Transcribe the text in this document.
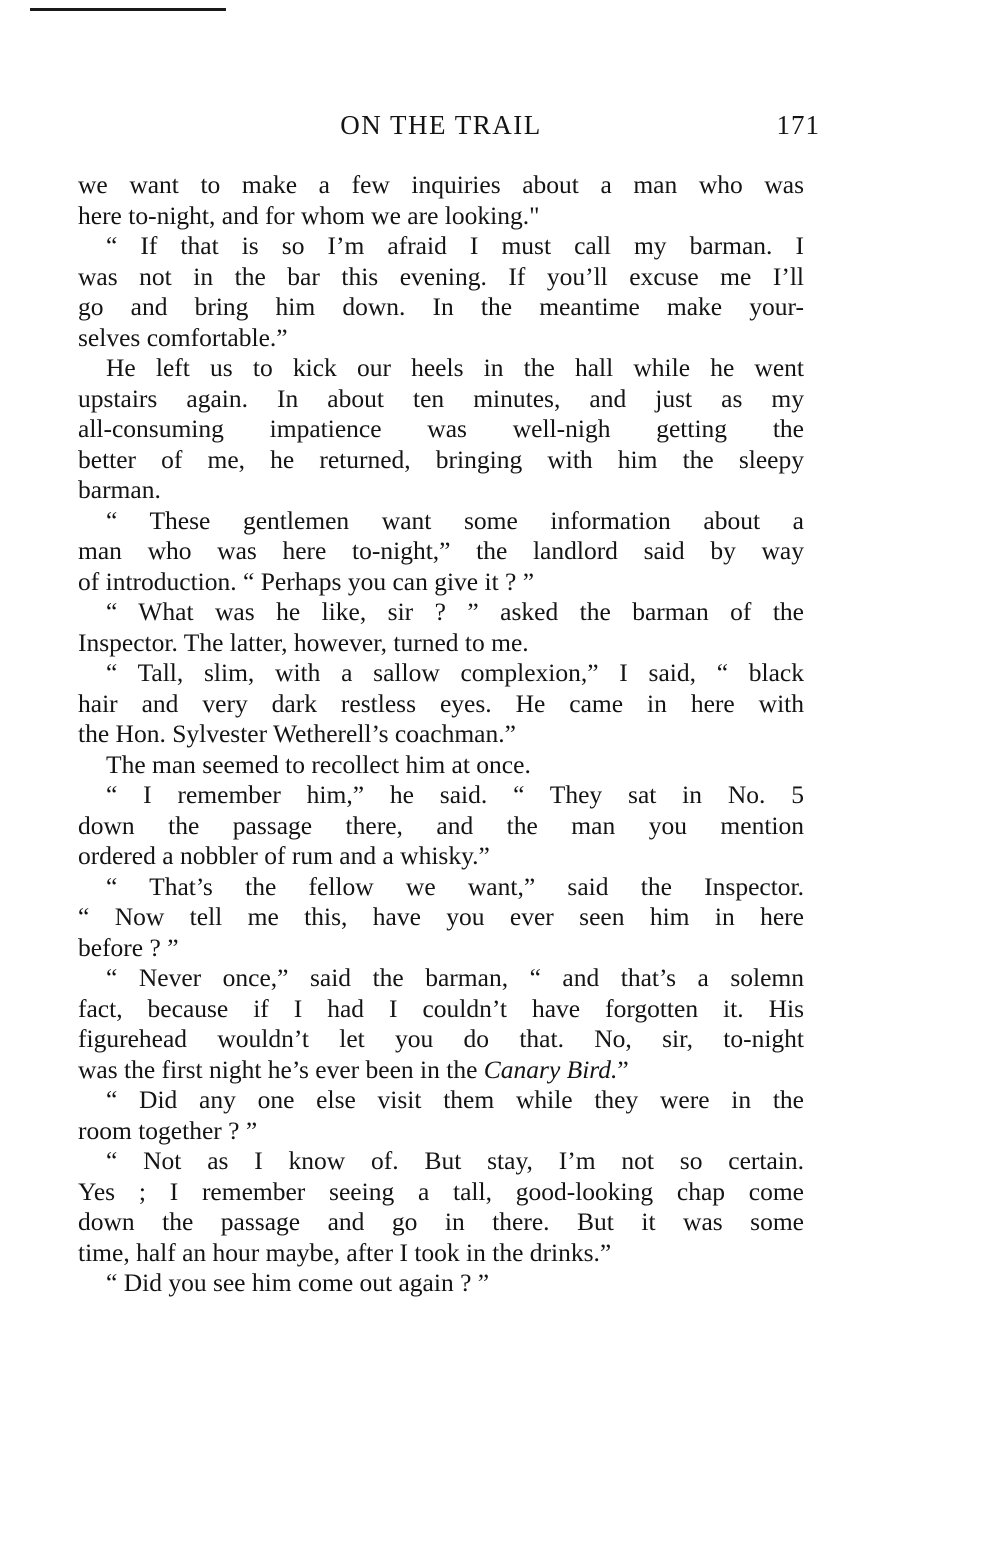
ON THE TRAIL	171
we want to make a few inquiries about a man who was
here to-night, and for whom we are looking."
“ If that is so I’m afraid I must call my barman. I
was not in the bar this evening. If you’ll excuse me I’ll
go and bring him down. In the meantime make your-
selves comfortable.”
He left us to kick our heels in the hall while he went
upstairs again. In about ten minutes, and just as my
all-consuming impatience was well-nigh getting the
better of me, he returned, bringing with him the sleepy
barman.
“ These gentlemen want some information about a
man who was here to-night,” the landlord said by way
of introduction. “ Perhaps you can give it ? ”
“ What was he like, sir ? ” asked the barman of the
Inspector. The latter, however, turned to me.
“ Tall, slim, with a sallow complexion,” I said, “ black
hair and very dark restless eyes. He came in here with
the Hon. Sylvester Wetherell’s coachman.”
The man seemed to recollect him at once.
“ I remember him,” he said. “ They sat in No. 5
down the passage there, and the man you mention
ordered a nobbler of rum and a whisky.”
“ That’s the fellow we want,” said the Inspector.
“ Now tell me this, have you ever seen him in here
before ? ”
“ Never once,” said the barman, “ and that’s a solemn
fact, because if I had I couldn’t have forgotten it. His
figurehead wouldn’t let you do that. No, sir, to-night
was the first night he’s ever been in the Canary Bird.”
“ Did any one else visit them while they were in the
room together ? ”
“ Not as I know of. But stay, I’m not so certain.
Yes ; I remember seeing a tall, good-looking chap come
down the passage and go in there. But it was some
time, half an hour maybe, after I took in the drinks.”
“ Did you see him come out again ? ”
